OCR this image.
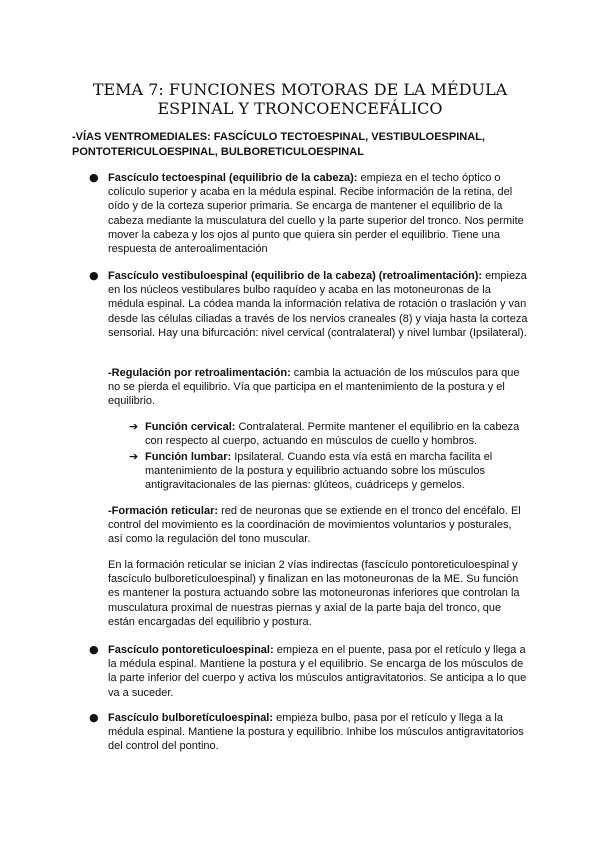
TEMA 7: FUNCIONES MOTORAS DE LA MÉDULA
ESPINAL Y TRONCOENCEFÁLICO
-VÍAS VENTROMEDIALES: FASCÍCULO TECTOESPINAL, VESTIBULOESPINAL, PONTOTERICULOESPINAL, BULBORETICULOESPINAL
● Fascículo tectoespinal (equilibrio de la cabeza): empieza en el techo óptico o colículo superior y acaba en la médula espinal. Recibe información de la retina, del oído y de la corteza superior primaria. Se encarga de mantener el equilibrio de la cabeza mediante la musculatura del cuello y la parte superior del tronco. Nos permite mover la cabeza y los ojos al punto que quiera sin perder el equilibrio. Tiene una respuesta de anteroalimentación
● Fascículo vestibuloespinal (equilibrio de la cabeza) (retroalimentación): empieza en los núcleos vestibulares bulbo raquídeo y acaba en las motoneuronas de la médula espinal. La códea manda la información relativa de rotación o traslación y van desde las células ciliadas a través de los nervios craneales (8) y viaja hasta la corteza sensorial. Hay una bifurcación: nivel cervical (contralateral) y nivel lumbar (Ipsilateral).
-Regulación por retroalimentación: cambia la actuación de los músculos para que no se pierda el equilibrio. Vía que participa en el mantenimiento de la postura y el equilibrio.
➔ Función cervical: Contralateral. Permite mantener el equilibrio en la cabeza con respecto al cuerpo, actuando en músculos de cuello y hombros.
➔ Función lumbar: Ipsilateral. Cuando esta vía está en marcha facilita el mantenimiento de la postura y equilibrio actuando sobre los músculos antigravitacionales de las piernas: glúteos, cuádriceps y gemelos.
-Formación reticular: red de neuronas que se extiende en el tronco del encéfalo. El control del movimiento es la coordinación de movimientos voluntarios y posturales, así como la regulación del tono muscular.
En la formación reticular se inician 2 vías indirectas (fascículo pontoreticuloespinal y fascículo bulboretículoespinal) y finalizan en las motoneuronas de la ME. Su función es mantener la postura actuando sobre las motoneuronas inferiores que controlan la musculatura proximal de nuestras piernas y axial de la parte baja del tronco, que están encargadas del equilibrio y postura.
● Fascículo pontoreticuloespinal: empieza en el puente, pasa por el retículo y llega a la médula espinal. Mantiene la postura y el equilibrio. Se encarga de los músculos de la parte inferior del cuerpo y activa los músculos antigravitatorios. Se anticipa a lo que va a suceder.
● Fascículo bulboretículoespinal: empieza bulbo, pasa por el retículo y llega a la médula espinal. Mantiene la postura y equilibrio. Inhibe los músculos antigravitatorios del control del pontino.
